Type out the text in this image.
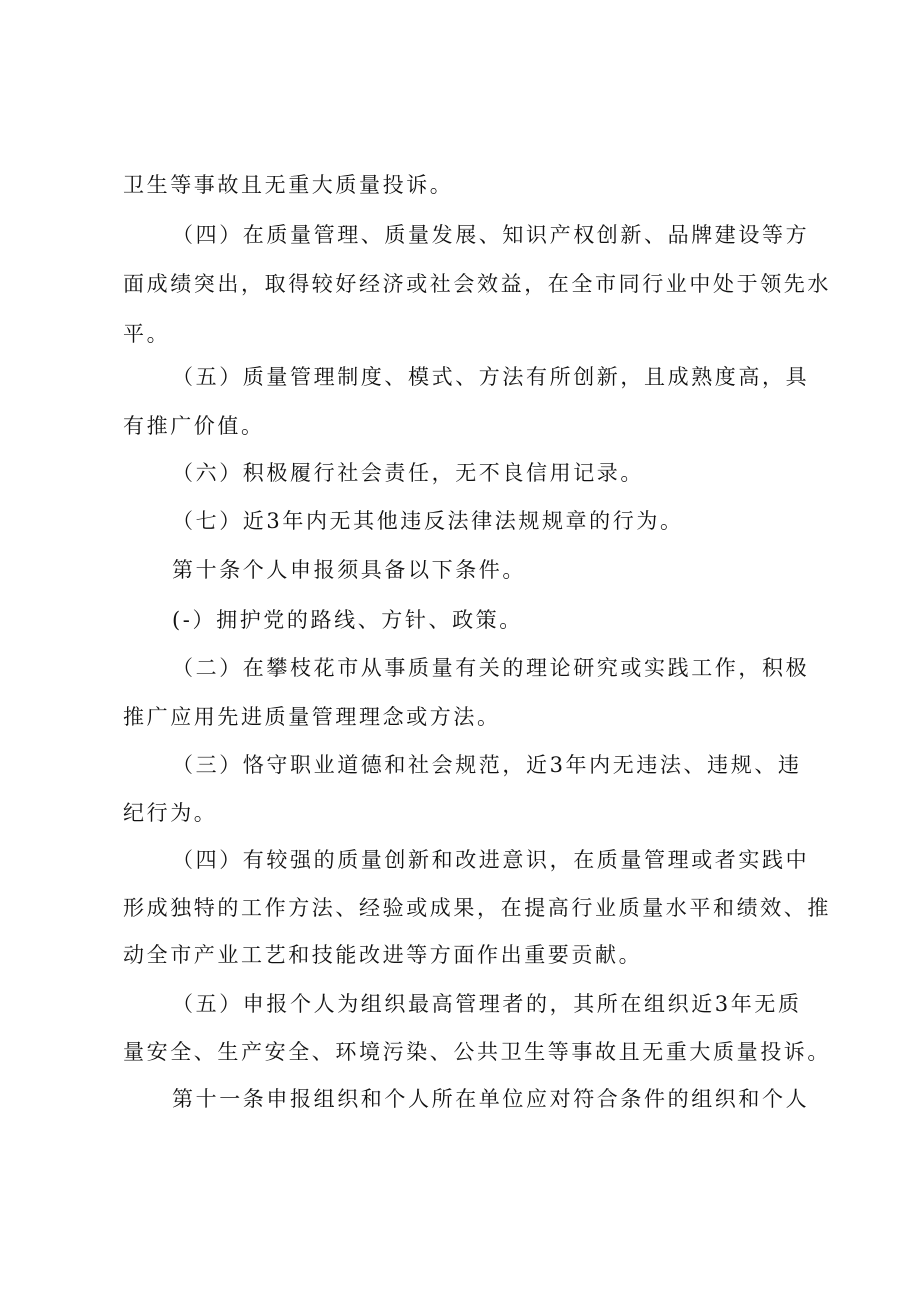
卫生等事故且无重大质量投诉。
（四）在质量管理、质量发展、知识产权创新、品牌建设等方
面成绩突出，取得较好经济或社会效益，在全市同行业中处于领先水
平。
（五）质量管理制度、模式、方法有所创新，且成熟度高，具
有推广价值。
（六）积极履行社会责任，无不良信用记录。
（七）近3年内无其他违反法律法规规章的行为。
第十条个人申报须具备以下条件。
(-）拥护党的路线、方针、政策。
（二）在攀枝花市从事质量有关的理论研究或实践工作，积极
推广应用先进质量管理理念或方法。
（三）恪守职业道德和社会规范，近3年内无违法、违规、违
纪行为。
（四）有较强的质量创新和改进意识，在质量管理或者实践中
形成独特的工作方法、经验或成果，在提高行业质量水平和绩效、推
动全市产业工艺和技能改进等方面作出重要贡献。
（五）申报个人为组织最高管理者的，其所在组织近3年无质
量安全、生产安全、环境污染、公共卫生等事故且无重大质量投诉。
第十一条申报组织和个人所在单位应对符合条件的组织和个人
